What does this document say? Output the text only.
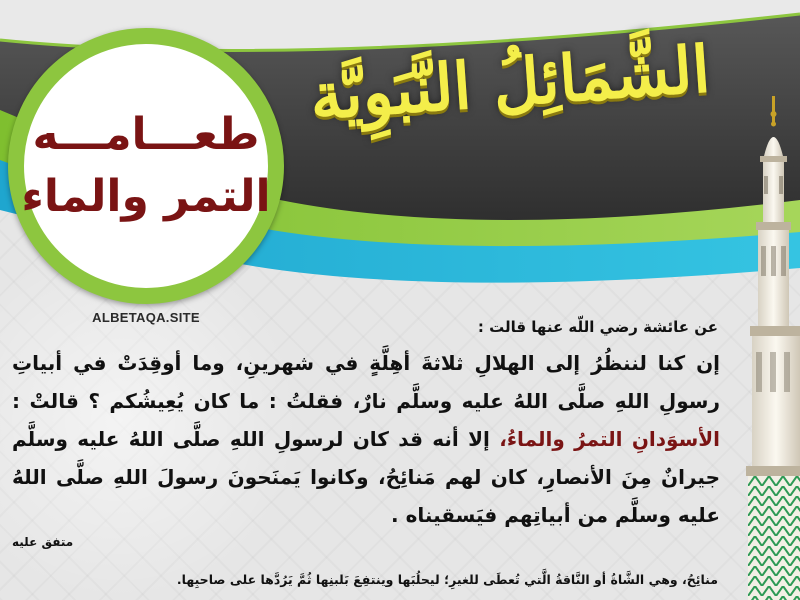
الشَّمَائِلُ النَّبَوِيَّة
طعـــامـــه
التمر والماء
ALBETAQA.SITE
عن عائشة رضي اللّه عنها قالت :

إن كنا لننظُرُ إلى الهلالِ ثلاثةَ أهِلَّةٍ في شهرينِ، وما أوقِدَتْ في أبياتِ رسولِ اللهِ صلَّى اللهُ عليه وسلَّم نارٌ، فقلتُ : ما كان يُعِيشُكم ؟ قالتْ : الأسوَدانِ التمرُ والماءُ، إلا أنه قد كان لرسولِ اللهِ صلَّى اللهُ عليه وسلَّم جيرانٌ مِنَ الأنصارِ، كان لهم مَنائِحُ، وكانوا يَمنَحونَ رسولَ اللهِ صلَّى اللهُ عليه وسلَّم من أبياتِهم فيَسقيناه .

متفق عليه
منائِحُ، وهي الشَّاةُ أو النَّاقةُ الَّتي تُعطَى للغيرِ؛ ليحلُبَها وينتفِعَ بَلبنِها ثُمَّ يَرُدَّها على صاحبِها.
